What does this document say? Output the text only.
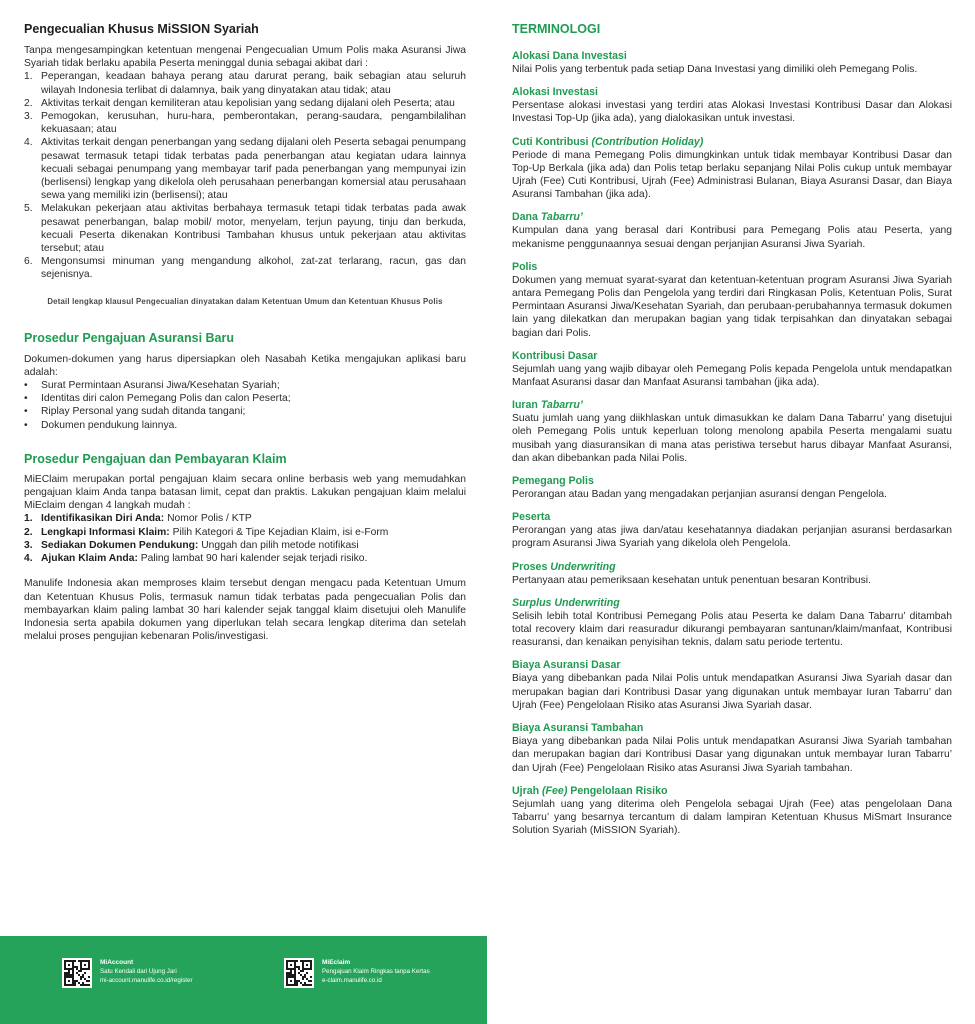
Pengecualian Khusus MiSSION Syariah

Tanpa mengesampingkan ketentuan mengenai Pengecualian Umum Polis maka Asuransi Jiwa Syariah tidak berlaku apabila Peserta meninggal dunia sebagai akibat dari :

1. Peperangan, keadaan bahaya perang atau darurat perang, baik sebagian atau seluruh wilayah Indonesia terlibat di dalamnya, baik yang dinyatakan atau tidak; atau
2. Aktivitas terkait dengan kemiliteran atau kepolisian yang sedang dijalani oleh Peserta; atau
3. Pemogokan, kerusuhan, huru-hara, pemberontakan, perang-saudara, pengambilalihan kekuasaan; atau
4. Aktivitas terkait dengan penerbangan yang sedang dijalani oleh Peserta sebagai penumpang pesawat termasuk tetapi tidak terbatas pada penerbangan atau kegiatan udara lainnya kecuali sebagai penumpang yang membayar tarif pada penerbangan yang mempunyai izin (berlisensi) lengkap yang dikelola oleh perusahaan penerbangan komersial atau perusahaan sewa yang memiliki izin (berlisensi); atau
5. Melakukan pekerjaan atau aktivitas berbahaya termasuk tetapi tidak terbatas pada awak pesawat penerbangan, balap mobil/ motor, menyelam, terjun payung, tinju dan berkuda, kecuali Peserta dikenakan Kontribusi Tambahan khusus untuk pekerjaan atau aktivitas tersebut; atau
6. Mengonsumsi minuman yang mengandung alkohol, zat-zat terlarang, racun, gas dan sejenisnya.

Detail lengkap klausul Pengecualian dinyatakan dalam Ketentuan Umum dan Ketentuan Khusus Polis

Prosedur Pengajuan Asuransi Baru

Dokumen-dokumen yang harus dipersiapkan oleh Nasabah Ketika mengajukan aplikasi baru adalah:

•	Surat Permintaan Asuransi Jiwa/Kesehatan Syariah;
•	Identitas diri calon Pemegang Polis dan calon Peserta;
•	Riplay Personal yang sudah ditanda tangani;
•	Dokumen pendukung lainnya.
Prosedur Pengajuan dan Pembayaran Klaim

MiEClaim merupakan portal pengajuan klaim secara online berbasis web yang memudahkan pengajuan klaim Anda tanpa batasan limit, cepat dan praktis. Lakukan pengajuan klaim melalui MiEclaim dengan 4 langkah mudah :

1. Identifikasikan Diri Anda: Nomor Polis / KTP
2. Lengkapi Informasi Klaim: Pilih Kategori & Tipe Kejadian Klaim, isi e-Form
3. Sediakan Dokumen Pendukung: Unggah dan pilih metode notifikasi
4. Ajukan Klaim Anda: Paling lambat 90 hari kalender sejak terjadi risiko.

Manulife Indonesia akan memproses klaim tersebut dengan mengacu pada Ketentuan Umum dan Ketentuan Khusus Polis, termasuk namun tidak terbatas pada pengecualian Polis dan membayarkan klaim paling lambat 30 hari kalender sejak tanggal klaim disetujui oleh Manulife Indonesia serta apabila dokumen yang diperlukan telah secara lengkap diterima dan setelah melalui proses pengujian kebenaran Polis/investigasi.

TERMINOLOGI
Alokasi Dana Investasi

Nilai Polis yang terbentuk pada setiap Dana Investasi yang dimiliki oleh Pemegang Polis.

Alokasi Investasi

Persentase alokasi investasi yang terdiri atas Alokasi Investasi Kontribusi Dasar dan Alokasi Investasi Top-Up (jika ada), yang dialokasikan untuk investasi.

Cuti Kontribusi (Contribution Holiday)

Periode di mana Pemegang Polis dimungkinkan untuk tidak membayar Kontribusi Dasar dan Top-Up Berkala (jika ada) dan Polis tetap berlaku sepanjang Nilai Polis cukup untuk membayar Ujrah (Fee) Cuti Kontribusi, Ujrah (Fee) Administrasi Bulanan, Biaya Asuransi Dasar, dan Biaya Asuransi Tambahan (jika ada).

Dana Tabarru’

Kumpulan dana yang berasal dari Kontribusi para Pemegang Polis atau Peserta, yang mekanisme penggunaannya sesuai dengan perjanjian Asuransi Jiwa Syariah.

Polis

Dokumen yang memuat syarat-syarat dan ketentuan-ketentuan program Asuransi Jiwa Syariah antara Pemegang Polis dan Pengelola yang terdiri dari Ringkasan Polis, Ketentuan Polis, Surat Permintaan Asuransi Jiwa/Kesehatan Syariah, dan perubaan-perubahannya termasuk dokumen lain yang dilekatkan dan merupakan bagian yang tidak terpisahkan dan dinyatakan sebagai bagian dari Polis.

Kontribusi Dasar

Sejumlah uang yang wajib dibayar oleh Pemegang Polis kepada Pengelola untuk mendapatkan Manfaat Asuransi dasar dan Manfaat Asuransi tambahan (jika ada).

Iuran Tabarru’

Suatu jumlah uang yang diikhlaskan untuk dimasukkan ke dalam Dana Tabarru’ yang disetujui oleh Pemegang Polis untuk keperluan tolong menolong apabila Peserta mengalami suatu musibah yang diasuransikan di mana atas peristiwa tersebut harus dibayar Manfaat Asuransi, dan akan dibebankan pada Nilai Polis.

Pemegang Polis

Perorangan atau Badan yang mengadakan perjanjian asuransi dengan Pengelola.

Peserta

Perorangan yang atas jiwa dan/atau kesehatannya diadakan perjanjian asuransi berdasarkan program Asuransi Jiwa Syariah yang dikelola oleh Pengelola.

Proses Underwriting

Pertanyaan atau pemeriksaan kesehatan untuk penentuan besaran Kontribusi.

Surplus Underwriting

Selisih lebih total Kontribusi Pemegang Polis atau Peserta ke dalam Dana Tabarru’ ditambah total recovery klaim dari reasuradur dikurangi pembayaran santunan/klaim/manfaat, Kontribusi reasuransi, dan kenaikan penyisihan teknis, dalam satu periode tertentu.

Biaya Asuransi Dasar

Biaya yang dibebankan pada Nilai Polis untuk mendapatkan Asuransi Jiwa Syariah dasar dan merupakan bagian dari Kontribusi Dasar yang digunakan untuk membayar Iuran Tabarru’ dan Ujrah (Fee) Pengelolaan Risiko atas Asuransi Jiwa Syariah dasar.

Biaya Asuransi Tambahan

Biaya yang dibebankan pada Nilai Polis untuk mendapatkan Asuransi Jiwa Syariah tambahan dan merupakan bagian dari Kontribusi Dasar yang digunakan untuk membayar Iuran Tabarru’ dan Ujrah (Fee) Pengelolaan Risiko atas Asuransi Jiwa Syariah tambahan.

Ujrah (Fee) Pengelolaan Risiko

Sejumlah uang yang diterima oleh Pengelola sebagai Ujrah (Fee) atas pengelolaan Dana Tabarru’ yang besarnya tercantum di dalam lampiran Ketentuan Khusus MiSmart Insurance Solution Syariah (MiSSION Syariah).

MiAccount
Satu Kendali dari Ujung Jari
mi-account.manulife.co.id/register
MiEclaim
Pengajuan Klaim Ringkas tanpa Kertas
e-claim.manulife.co.id
